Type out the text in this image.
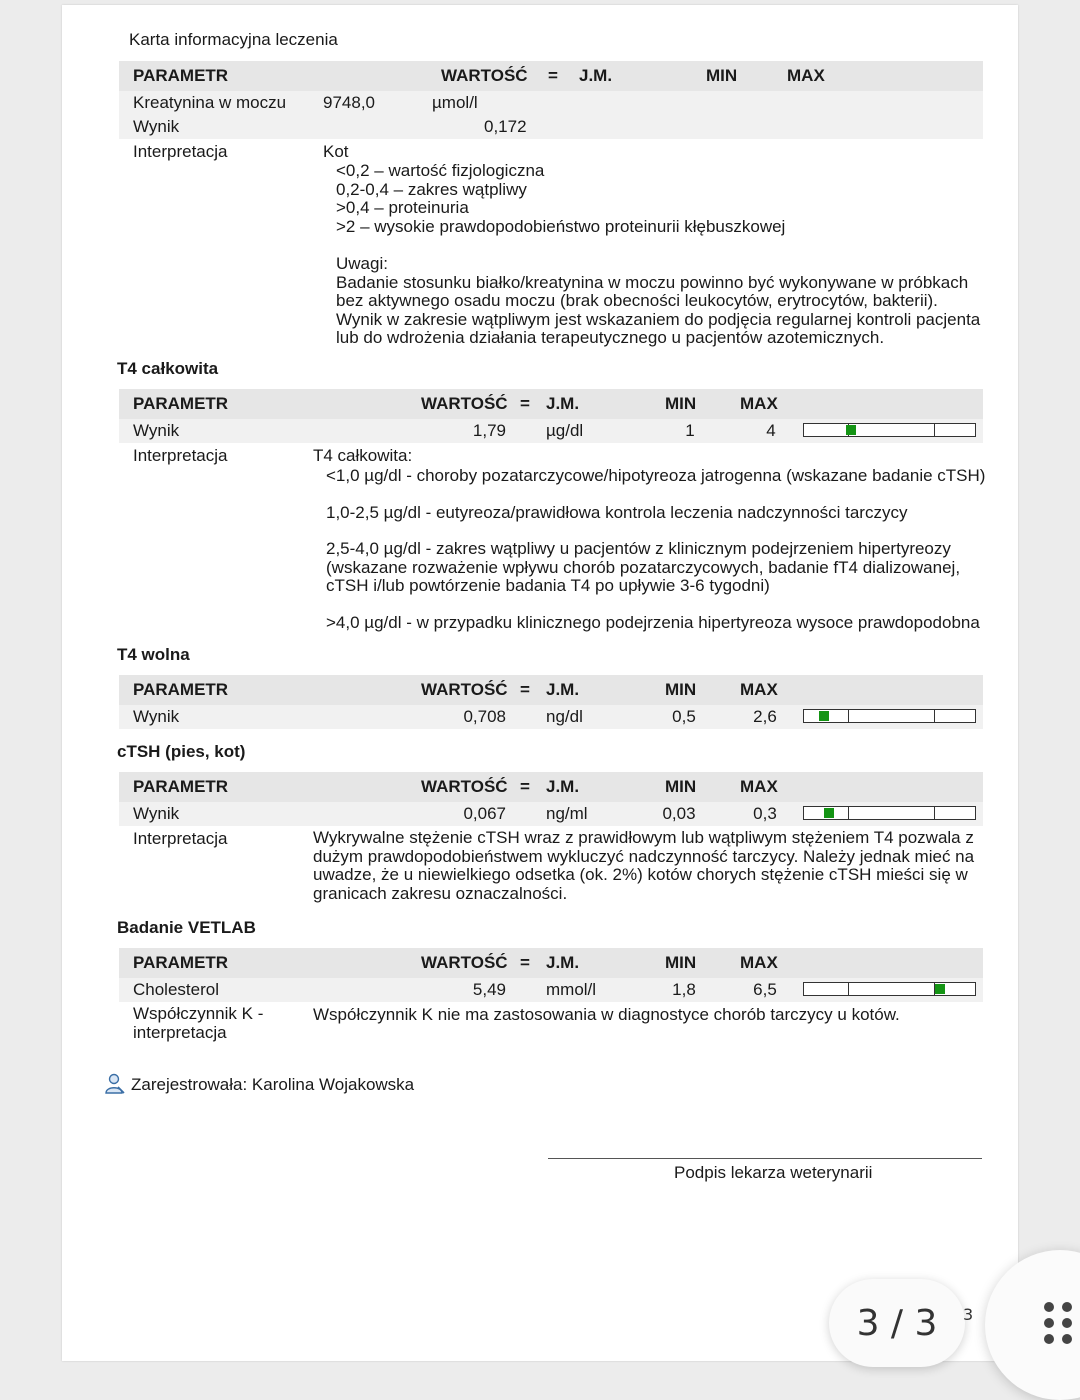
Karta informacyjna leczenia
PARAMETR	WARTOŚĆ = J.M.	MIN	MAX
Kreatynina w moczu 9748,0	µmol/l
Wynik	0,172
Interpretacja	Kot
<0,2 – wartość fizjologiczna
0,2-0,4 – zakres wątpliwy
>0,4 – proteinuria
>2 – wysokie prawdopodobieństwo proteinurii kłębuszkowej
Uwagi:
Badanie stosunku białko/kreatynina w moczu powinno być wykonywane w próbkach
bez aktywnego osadu moczu (brak obecności leukocytów, erytrocytów, bakterii).
Wynik w zakresie wątpliwym jest wskazaniem do podjęcia regularnej kontroli pacjenta
lub do wdrożenia działania terapeutycznego u pacjentów azotemicznych.
T4 całkowita
PARAMETR	WARTOŚĆ = J.M.	MIN	MAX
Wynik	1,79 µg/dl	1	4
Interpretacja	T4 całkowita:
<1,0 µg/dl - choroby pozatarczycowe/hipotyreoza jatrogenna (wskazane badanie cTSH)
1,0-2,5 µg/dl - eutyreoza/prawidłowa kontrola leczenia nadczynności tarczycy
2,5-4,0 µg/dl - zakres wątpliwy u pacjentów z klinicznym podejrzeniem hipertyreozy
(wskazane rozważenie wpływu chorób pozatarczycowych, badanie fT4 dializowanej,
cTSH i/lub powtórzenie badania T4 po upływie 3-6 tygodni)
>4,0 µg/dl - w przypadku klinicznego podejrzenia hipertyreoza wysoce prawdopodobna
T4 wolna
PARAMETR	WARTOŚĆ = J.M.	MIN	MAX
Wynik	0,708 ng/dl	0,5	2,6
cTSH (pies, kot)
PARAMETR	WARTOŚĆ = J.M.	MIN	MAX
Wynik	0,067 ng/ml	0,03	0,3
Interpretacja	Wykrywalne stężenie cTSH wraz z prawidłowym lub wątpliwym stężeniem T4 pozwala z
dużym prawdopodobieństwem wykluczyć nadczynność tarczycy. Należy jednak mieć na
uwadze, że u niewielkiego odsetka (ok. 2%) kotów chorych stężenie cTSH mieści się w
granicach zakresu oznaczalności.
Badanie VETLAB
PARAMETR	WARTOŚĆ = J.M.	MIN	MAX
Cholesterol	5,49 mmol/l	1,8	6,5
Współczynnik K -
interpretacja
Współczynnik K nie ma zastosowania w diagnostyce chorób tarczycy u kotów.
Zarejestrowała: Karolina Wojakowska
Podpis lekarza weterynarii
3 / 3	3
